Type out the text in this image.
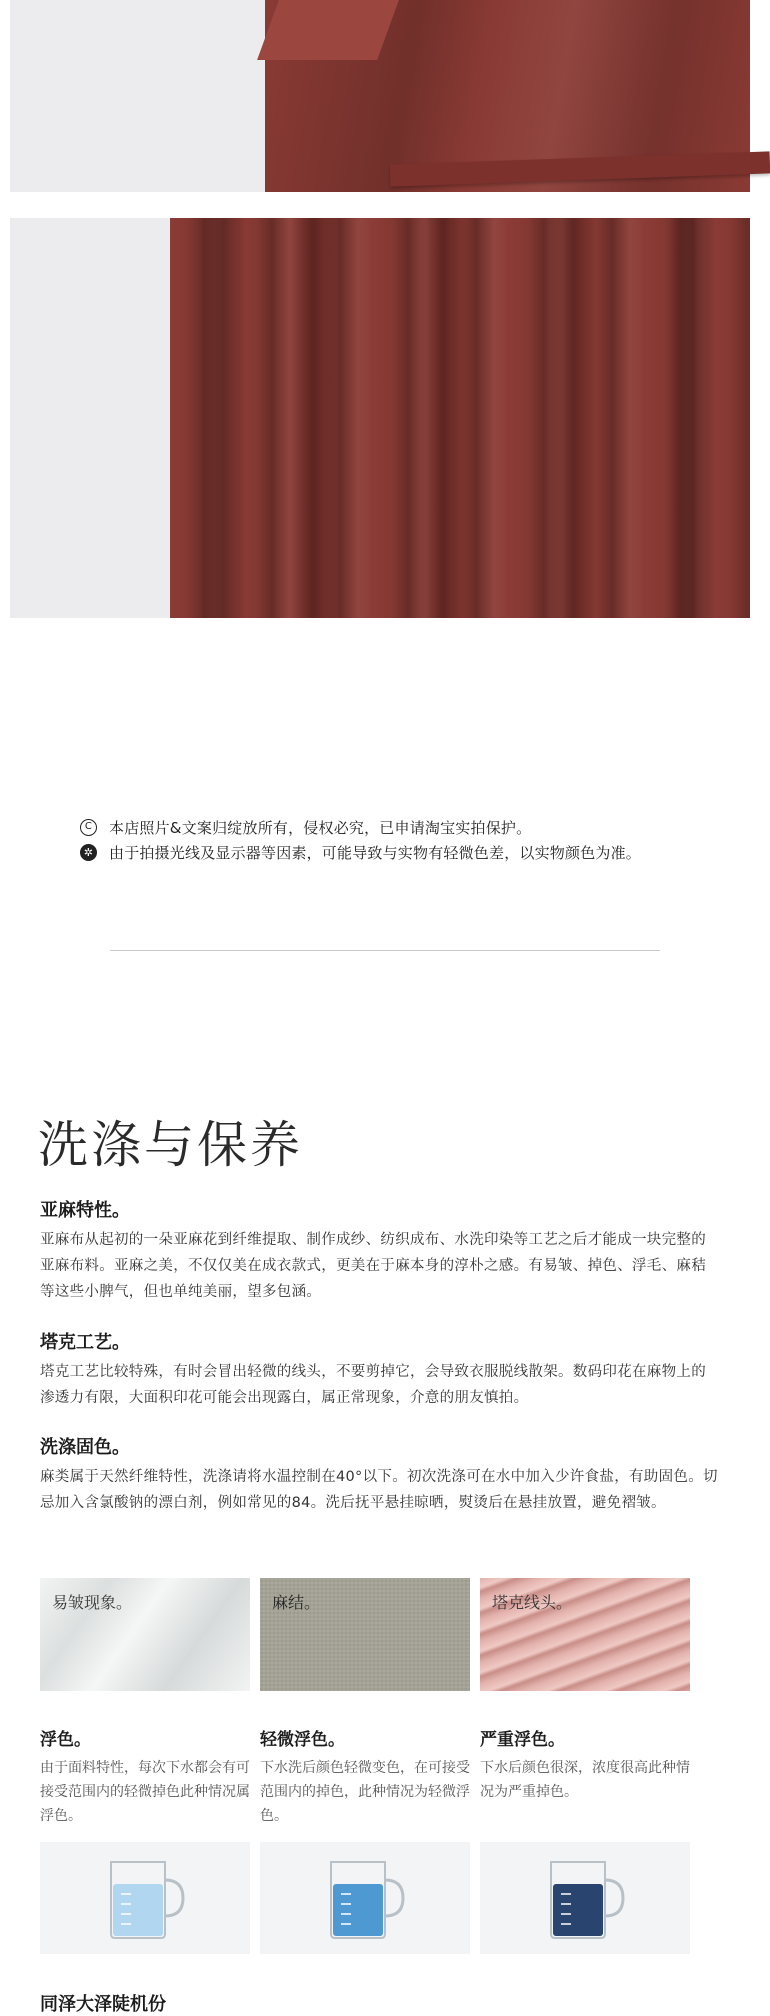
C	本店照片&文案归绽放所有，侵权必究，已申请淘宝实拍保护。
✲ 由于拍摄光线及显示器等因素，可能导致与实物有轻微色差，以实物颜色为准。
洗涤与保养
亚麻特性。

亚麻布从起初的一朵亚麻花到纤维提取、制作成纱、纺织成布、水洗印染等工艺之后才能成一块完整的亚麻布料。亚麻之美，不仅仅美在成衣款式，更美在于麻本身的淳朴之感。有易皱、掉色、浮毛、麻秸等这些小脾气，但也单纯美丽，望多包涵。

塔克工艺。

塔克工艺比较特殊，有时会冒出轻微的线头，不要剪掉它，会导致衣服脱线散架。数码印花在麻物上的渗透力有限，大面积印花可能会出现露白，属正常现象，介意的朋友慎拍。

洗涤固色。

麻类属于天然纤维特性，洗涤请将水温控制在40°以下。初次洗涤可在水中加入少许食盐，有助固色。切忌加入含氯酸钠的漂白剂，例如常见的84。洗后抚平悬挂晾晒，熨烫后在悬挂放置，避免褶皱。

易皱现象。	麻结。	塔克线头。
浮色。

由于面料特性，每次下水都会有可接受范围内的轻微掉色此种情况属浮色。

轻微浮色。

下水洗后颜色轻微变色，在可接受范围内的掉色，此种情况为轻微浮色。

严重浮色。

下水后颜色很深，浓度很高此种情况为严重掉色。

同泽大泽陡机份
